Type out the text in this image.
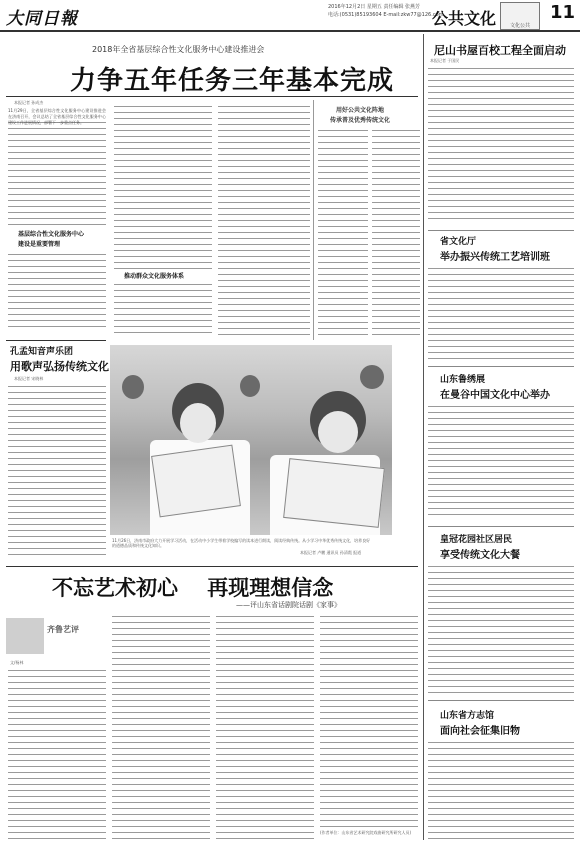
大同日報
2016年12月2日 星期五 责任编辑 张燕芳
电话:(0531)85193604 E-mail:zkw77@126.com
公共文化	文化公共
11
2018年全省基层综合性文化服务中心建设推进会
力争五年任务三年基本完成
本报记者 孙成杰
基层综合性文化服务中心
建设是重要管理
推动群众文化服务体系
用好公共文化阵地
传承普及优秀传统文化
11月26日，济南市政府大力开展学习活动，在活动中小学生带着学校编写的读本进行朗读，阅读经典传统。从小学习中华优秀传统文化，培养良好的道德品质和传统文化知识。
本报记者 卢鹏 通讯员 孙清霞 报道
孔孟知音声乐团
用歌声弘扬传统文化
本报记者 宋晓林
不忘艺术初心    再现理想信念
——评山东省话剧院话剧《家事》
齐鲁艺评
文/杨林
(作者单位：山东省艺术研究院戏曲研究所研究人员)
尼山书屋百校工程全面启动
本报记者 于国民
省文化厅
举办振兴传统工艺培训班
山东鲁绣展
在曼谷中国文化中心举办
皇冠花园社区居民
享受传统文化大餐
山东省方志馆
面向社会征集旧物
11月29日，全省基层综合性文化服务中心建设推进会在济南召开，会议总结了全省基层综合性文化服务中心建设工作进展情况，部署下一步重点任务。
